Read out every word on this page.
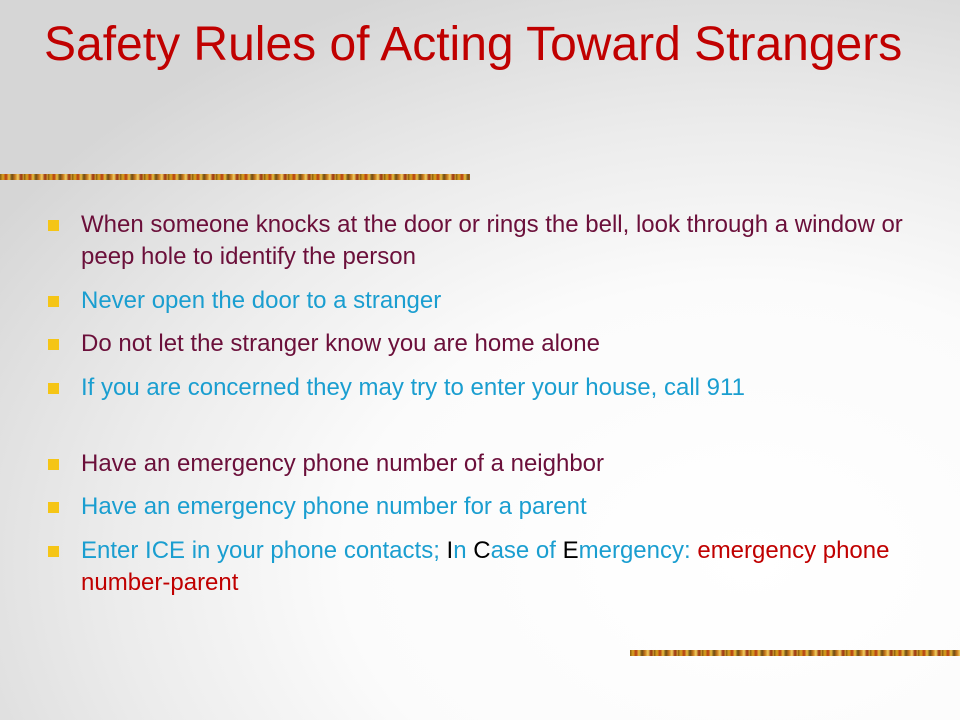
Safety Rules of Acting Toward Strangers
When someone knocks at the door or rings the bell, look through a window or peep hole to identify the person
Never open the door to a stranger
Do not let the stranger know you are home alone
If you are concerned they may try to enter your house, call 911
Have an emergency phone number of a neighbor
Have an emergency phone number for a parent
Enter ICE in your phone contacts; In Case of Emergency: emergency phone number-parent
